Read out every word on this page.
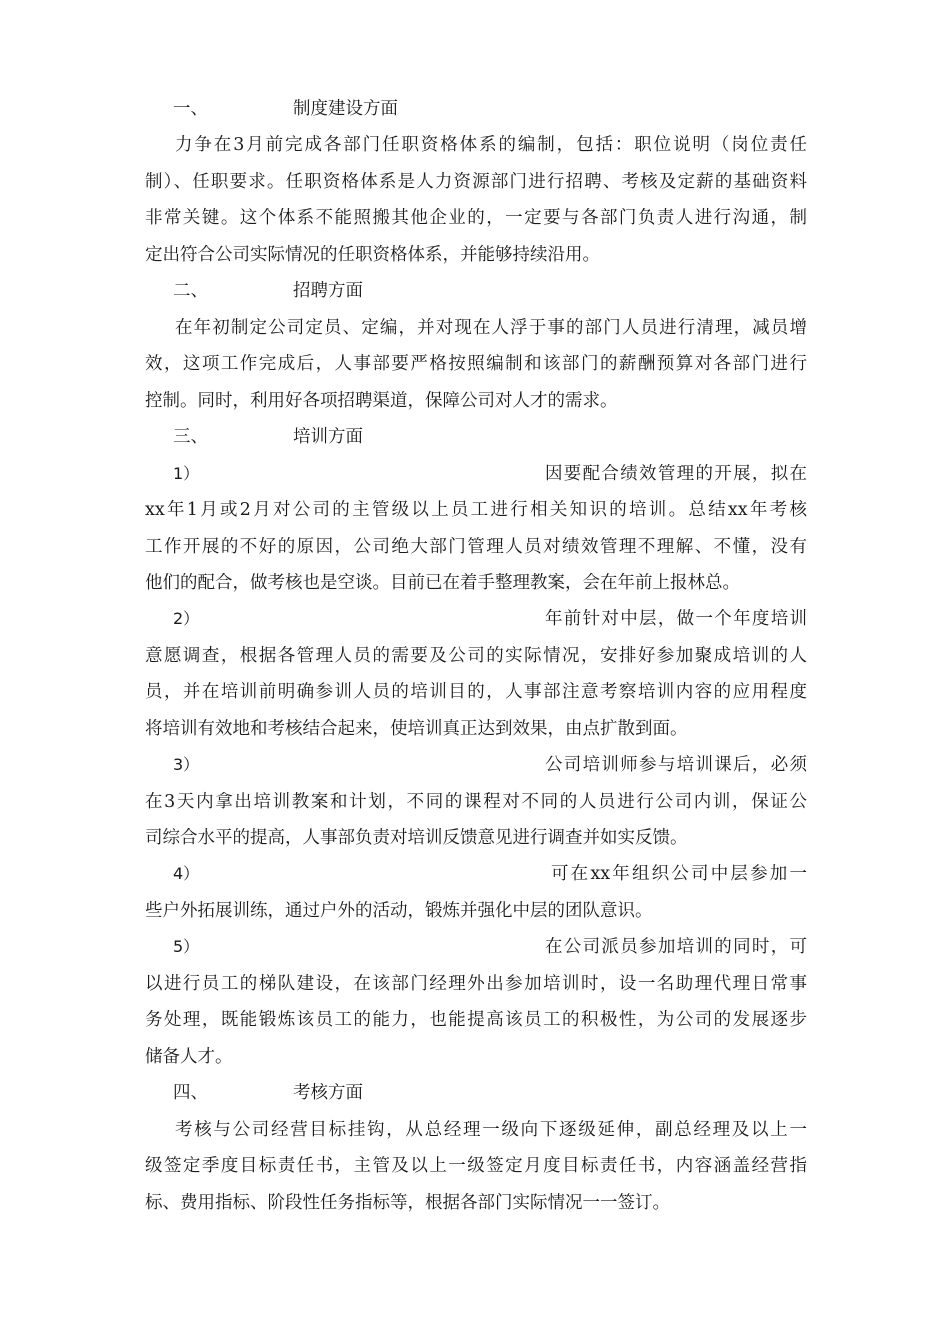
一、	制度建设方面
力争在3月前完成各部门任职资格体系的编制，包括：职位说明（岗位责任
制）、任职要求。任职资格体系是人力资源部门进行招聘、考核及定薪的基础资料
非常关键。这个体系不能照搬其他企业的，一定要与各部门负责人进行沟通，制
定出符合公司实际情况的任职资格体系，并能够持续沿用。
二、	招聘方面
在年初制定公司定员、定编，并对现在人浮于事的部门人员进行清理，减员增
效，这项工作完成后，人事部要严格按照编制和该部门的薪酬预算对各部门进行
控制。同时，利用好各项招聘渠道，保障公司对人才的需求。
三、	培训方面
1）	因要配合绩效管理的开展，拟在
xx年1月或2月对公司的主管级以上员工进行相关知识的培训。总结xx年考核
工作开展的不好的原因，公司绝大部门管理人员对绩效管理不理解、不懂，没有
他们的配合，做考核也是空谈。目前已在着手整理教案，会在年前上报林总。
2）	年前针对中层，做一个年度培训
意愿调查，根据各管理人员的需要及公司的实际情况，安排好参加聚成培训的人
员，并在培训前明确参训人员的培训目的，人事部注意考察培训内容的应用程度
将培训有效地和考核结合起来，使培训真正达到效果，由点扩散到面。
3）	公司培训师参与培训课后，必须
在3天内拿出培训教案和计划，不同的课程对不同的人员进行公司内训，保证公
司综合水平的提高，人事部负责对培训反馈意见进行调查并如实反馈。
4）	可在xx年组织公司中层参加一
些户外拓展训练，通过户外的活动，锻炼并强化中层的团队意识。
5）	在公司派员参加培训的同时，可
以进行员工的梯队建设，在该部门经理外出参加培训时，设一名助理代理日常事
务处理，既能锻炼该员工的能力，也能提高该员工的积极性，为公司的发展逐步
储备人才。
四、	考核方面
考核与公司经营目标挂钩，从总经理一级向下逐级延伸，副总经理及以上一
级签定季度目标责任书，主管及以上一级签定月度目标责任书，内容涵盖经营指
标、费用指标、阶段性任务指标等，根据各部门实际情况一一签订。
